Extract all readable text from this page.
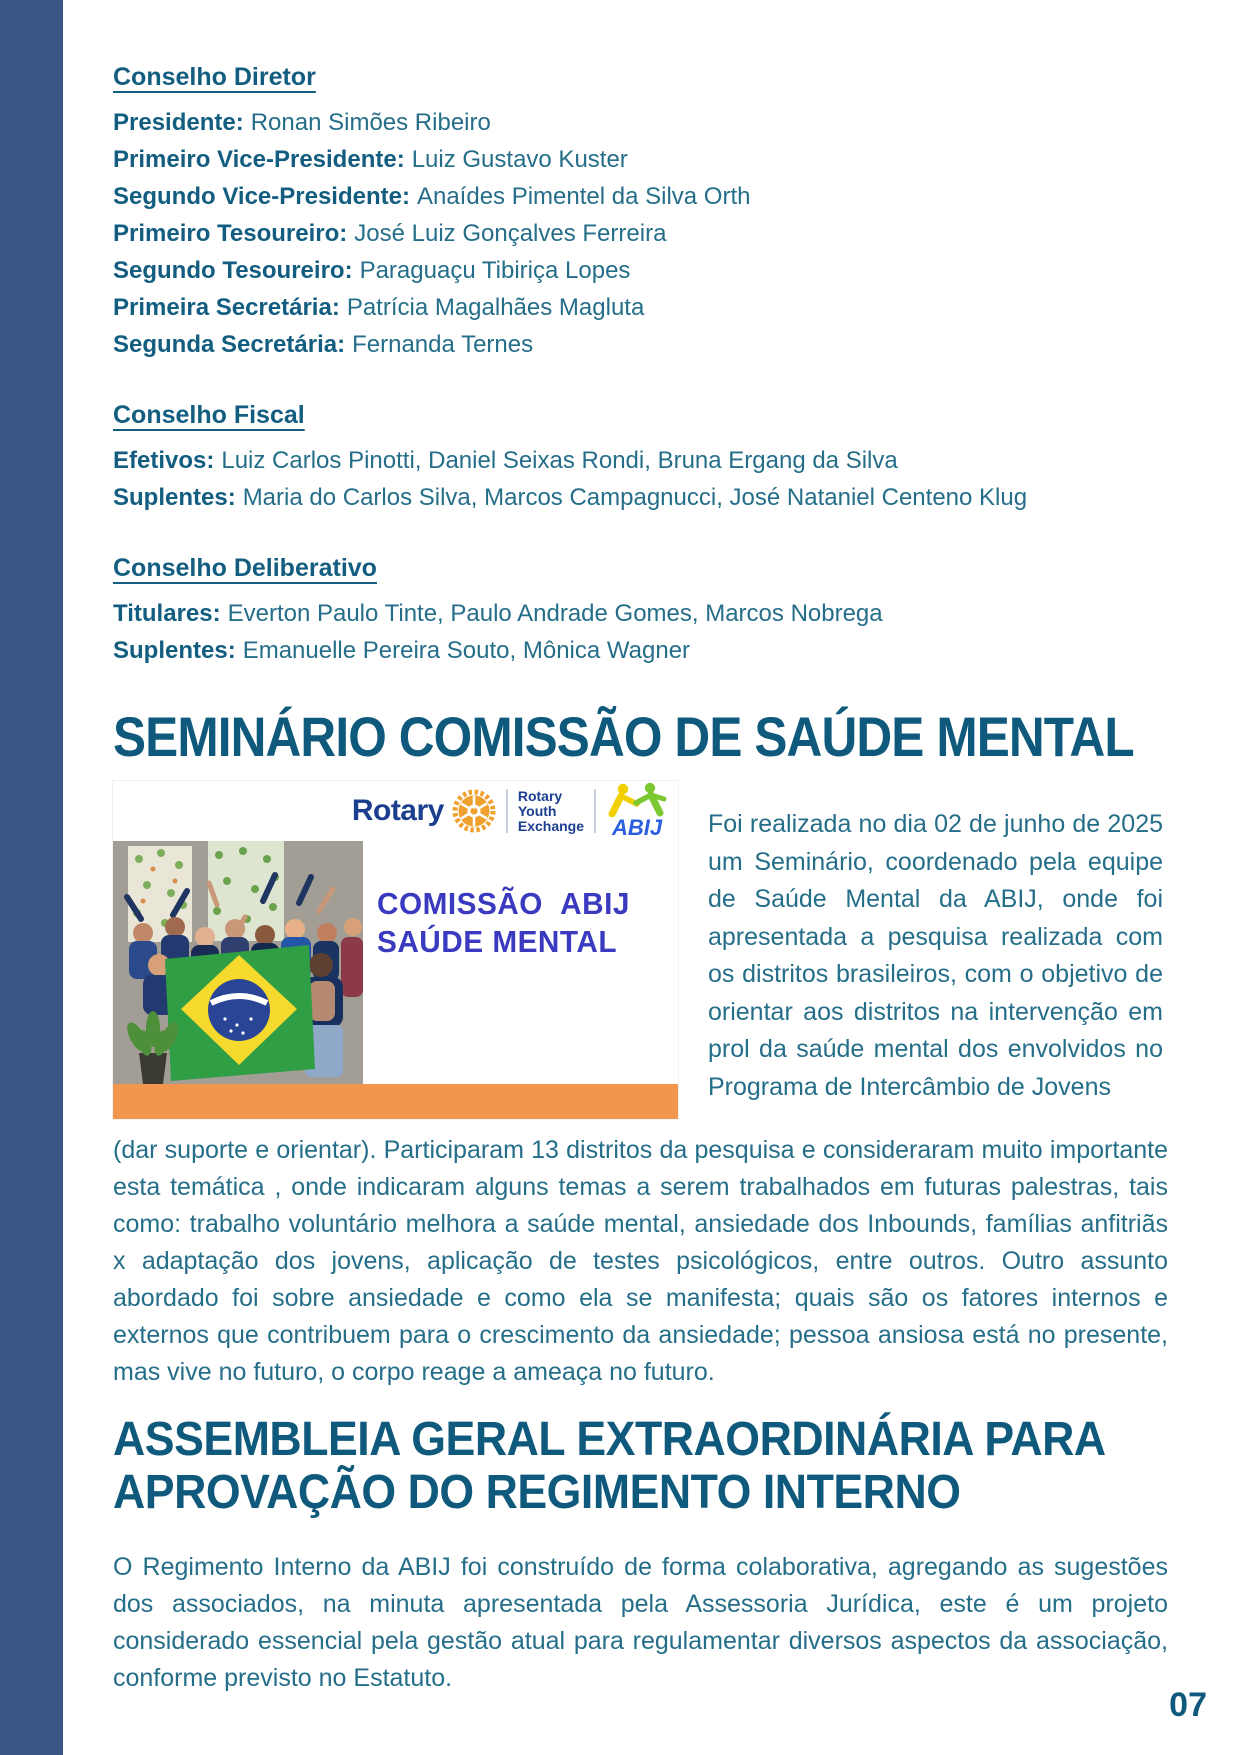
Conselho Diretor
Presidente: Ronan Simões Ribeiro
Primeiro Vice-Presidente: Luiz Gustavo Kuster
Segundo Vice-Presidente: Anaídes Pimentel da Silva Orth
Primeiro Tesoureiro: José Luiz Gonçalves Ferreira
Segundo Tesoureiro: Paraguaçu Tibiriça Lopes
Primeira Secretária: Patrícia Magalhães Magluta
Segunda Secretária: Fernanda Ternes
Conselho Fiscal
Efetivos: Luiz Carlos Pinotti, Daniel Seixas Rondi, Bruna Ergang da Silva
Suplentes: Maria do Carlos Silva, Marcos Campagnucci, José Nataniel Centeno Klug
Conselho Deliberativo
Titulares: Everton Paulo Tinte, Paulo Andrade Gomes, Marcos Nobrega
Suplentes: Emanuelle Pereira Souto, Mônica Wagner
SEMINÁRIO COMISSÃO DE SAÚDE MENTAL
Rotary	Rotary
Youth
Exchange ABIJ
COMISSÃO ABIJ
SAÚDE MENTAL

Foi realizada no dia 02 de junho de 2025 um Seminário, coordenado pela equipe de Saúde Mental da ABIJ, onde foi apresentada a pesquisa realizada com os distritos brasileiros, com o objetivo de orientar aos distritos na intervenção em prol da saúde mental dos envolvidos no Programa de Intercâmbio de Jovens

(dar suporte e orientar). Participaram 13 distritos da pesquisa e consideraram muito importante esta temática , onde indicaram alguns temas a serem trabalhados em futuras palestras, tais como: trabalho voluntário melhora a saúde mental, ansiedade dos Inbounds, famílias anfitriãs x adaptação dos jovens, aplicação de testes psicológicos, entre outros. Outro assunto abordado foi sobre ansiedade e como ela se manifesta; quais são os fatores internos e externos que contribuem para o crescimento da ansiedade; pessoa ansiosa está no presente, mas vive no futuro, o corpo reage a ameaça no futuro.

ASSEMBLEIA GERAL EXTRAORDINÁRIA PARA
APROVAÇÃO DO REGIMENTO INTERNO

O Regimento Interno da ABIJ foi construído de forma colaborativa, agregando as sugestões dos associados, na minuta apresentada pela Assessoria Jurídica, este é um projeto considerado essencial pela gestão atual para regulamentar diversos aspectos da associação, conforme previsto no Estatuto.

07
